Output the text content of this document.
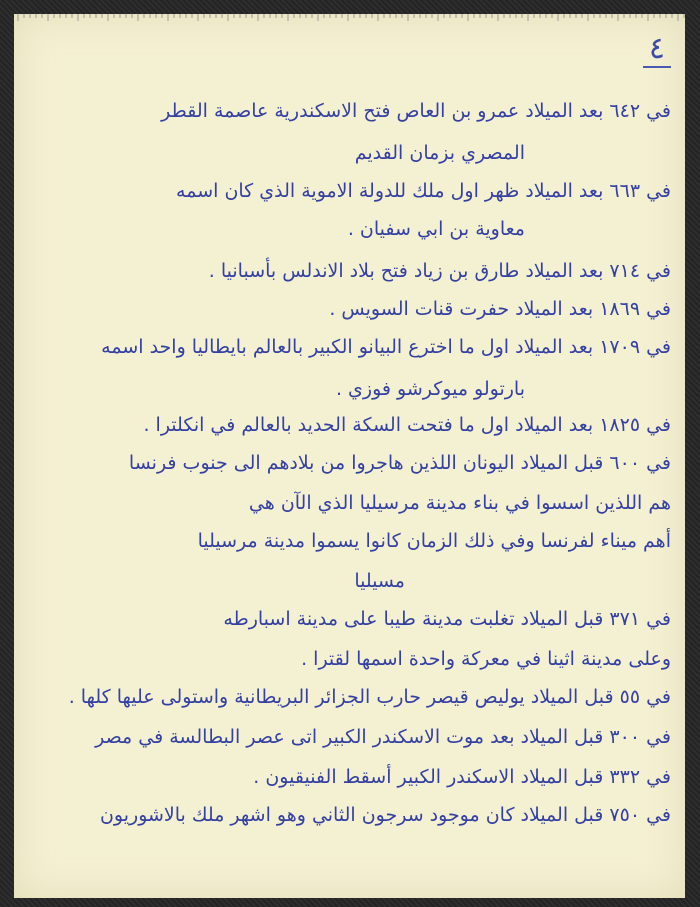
٤
في ٦٤٢ بعد الميلاد عمرو بن العاص فتح الاسكندرية عاصمة القطر
المصري بزمان القديم
في ٦٦٣ بعد الميلاد ظهر اول ملك للدولة الاموية الذي كان اسمه
معاوية بن ابي سفيان .
في ٧١٤ بعد الميلاد طارق بن زياد فتح بلاد الاندلس بأسبانيا .
في ١٨٦٩ بعد الميلاد حفرت قنات السويس .
في ١٧٠٩ بعد الميلاد اول ما اخترع البيانو الكبير بالعالم بايطاليا واحد اسمه
بارتولو ميوكرشو فوزي .
في ١٨٢٥ بعد الميلاد اول ما فتحت السكة الحديد بالعالم في انكلترا .
في ٦٠٠ قبل الميلاد اليونان اللذين هاجروا من بلادهم الى جنوب فرنسا
هم اللذين اسسوا في بناء مدينة مرسيليا الذي الآن هي
أهم ميناء لفرنسا وفي ذلك الزمان كانوا يسموا مدينة مرسيليا
مسيليا
في ٣٧١ قبل الميلاد تغلبت مدينة طيبا على مدينة اسبارطه
وعلى مدينة اثينا في معركة واحدة اسمها لقترا .
في ٥٥ قبل الميلاد يوليص قيصر حارب الجزائر البريطانية واستولى عليها كلها .
في ٣٠٠ قبل الميلاد بعد موت الاسكندر الكبير اتى عصر البطالسة في مصر
في ٣٣٢ قبل الميلاد الاسكندر الكبير أسقط الفنيقيون .
في ٧٥٠ قبل الميلاد كان موجود سرجون الثاني وهو اشهر ملك بالاشوريون
